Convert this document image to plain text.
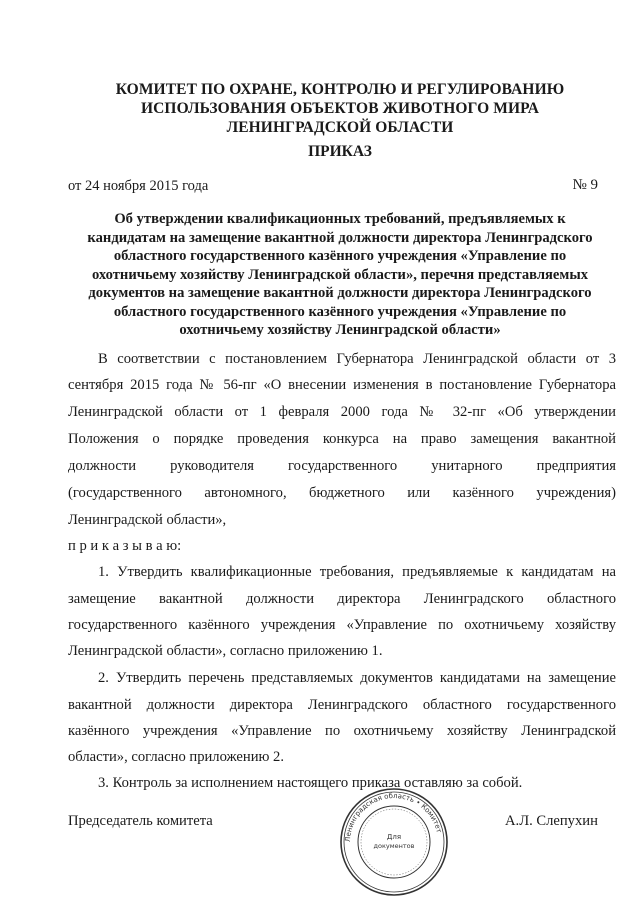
КОМИТЕТ ПО ОХРАНЕ, КОНТРОЛЮ И РЕГУЛИРОВАНИЮ
ИСПОЛЬЗОВАНИЯ ОБЪЕКТОВ ЖИВОТНОГО МИРА
ЛЕНИНГРАДСКОЙ ОБЛАСТИ
ПРИКАЗ
от 24 ноября 2015 года	№ 9
Об утверждении квалификационных требований, предъявляемых к
кандидатам на замещение вакантной должности директора Ленинградского
областного государственного казённого учреждения «Управление по
охотничьему хозяйству Ленинградской области», перечня представляемых
документов на замещение вакантной должности директора Ленинградского
областного государственного казённого учреждения «Управление по
охотничьему хозяйству Ленинградской области»
В соответствии с постановлением Губернатора Ленинградской области от 3
сентября 2015 года № 56-пг «О внесении изменения в постановление Губернатора
Ленинградской области от 1 февраля 2000 года № 32-пг «Об утверждении
Положения о порядке проведения конкурса на право замещения вакантной
должности руководителя государственного унитарного предприятия
(государственного автономного, бюджетного или казённого учреждения)
Ленинградской области»,
п р и к а з ы в а ю:
1. Утвердить квалификационные требования, предъявляемые к кандидатам на
замещение вакантной должности директора Ленинградского областного
государственного казённого учреждения «Управление по охотничьему хозяйству
Ленинградской области», согласно приложению 1.
2. Утвердить перечень представляемых документов кандидатами на замещение
вакантной должности директора Ленинградского областного государственного
казённого учреждения «Управление по охотничьему хозяйству Ленинградской
области», согласно приложению 2.
3. Контроль за исполнением настоящего приказа оставляю за собой.
Председатель комитета	А.Л. Слепухин
Ленинградская область • Комитет
Для
документов
